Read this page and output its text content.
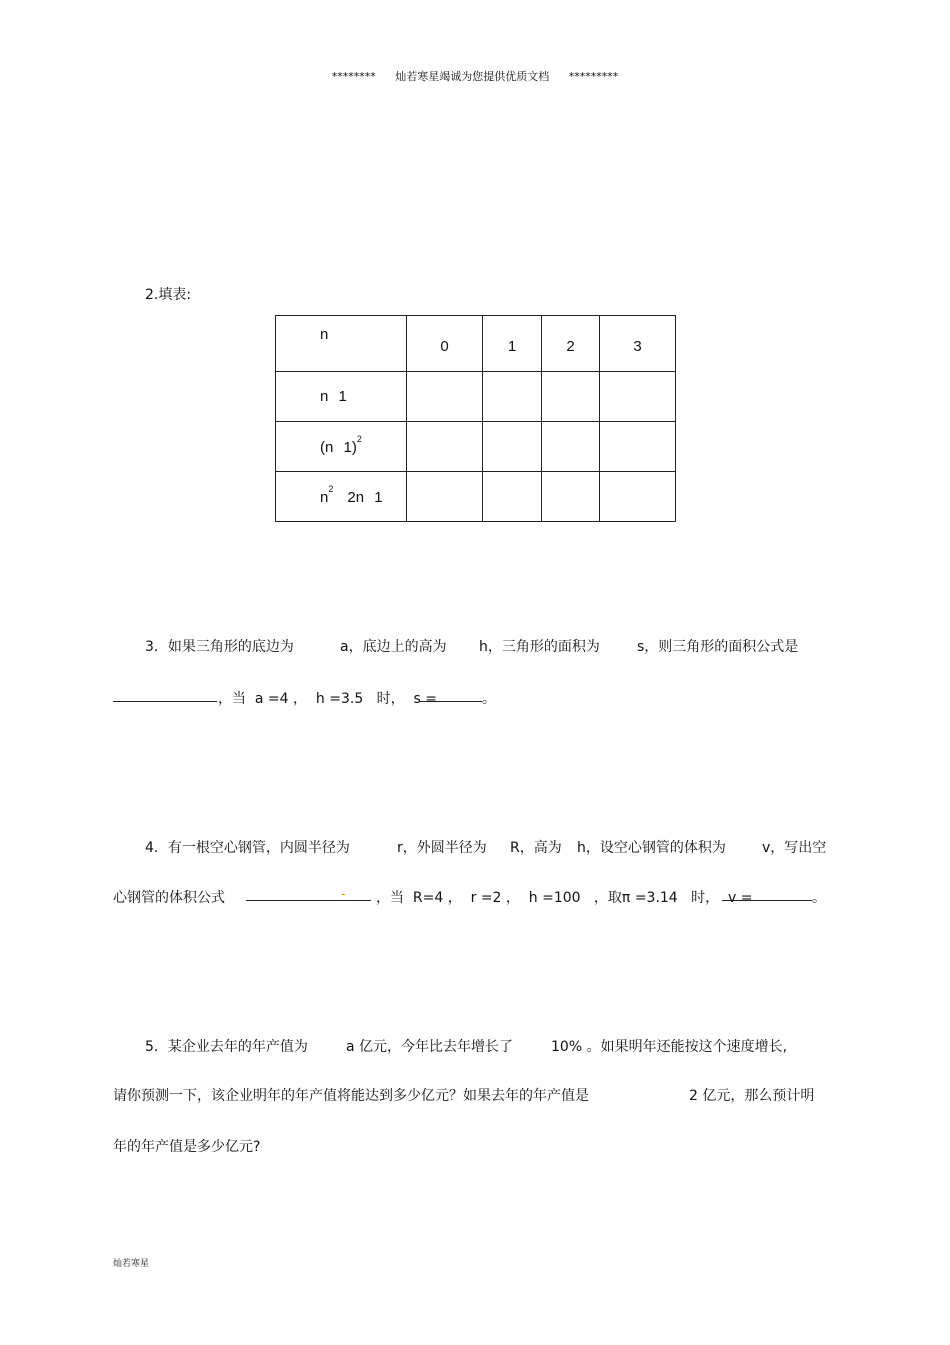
******** 灿若寒星竭诚为您提供优质文档 *********
2.填表:
n	0	1	2	3
n 1				
(n 1)$^2$				
$n^2$ 2n 1				
3．如果三角形的底边为	a，底边上的高为 h，三角形的面积为	s，则三角形的面积公式是
，当  a =4 ，  h =3.5   时，  s =	。
4．有一根空心钢管，内圆半径为	r，外圆半径为 R，高为 h，设空心钢管的体积为	v，写出空
心钢管的体积公式	- ，当  R=4 ，  r =2 ，  h =100   ，取π =3.14   时，  v =	。
5．某企业去年的年产值为	a 亿元，今年比去年增长了	10% 。如果明年还能按这个速度增长,
请你预测一下，该企业明年的年产值将能达到多少亿元？如果去年的年产值是	2 亿元，那么预计明
年的年产值是多少亿元?
灿若寒星
